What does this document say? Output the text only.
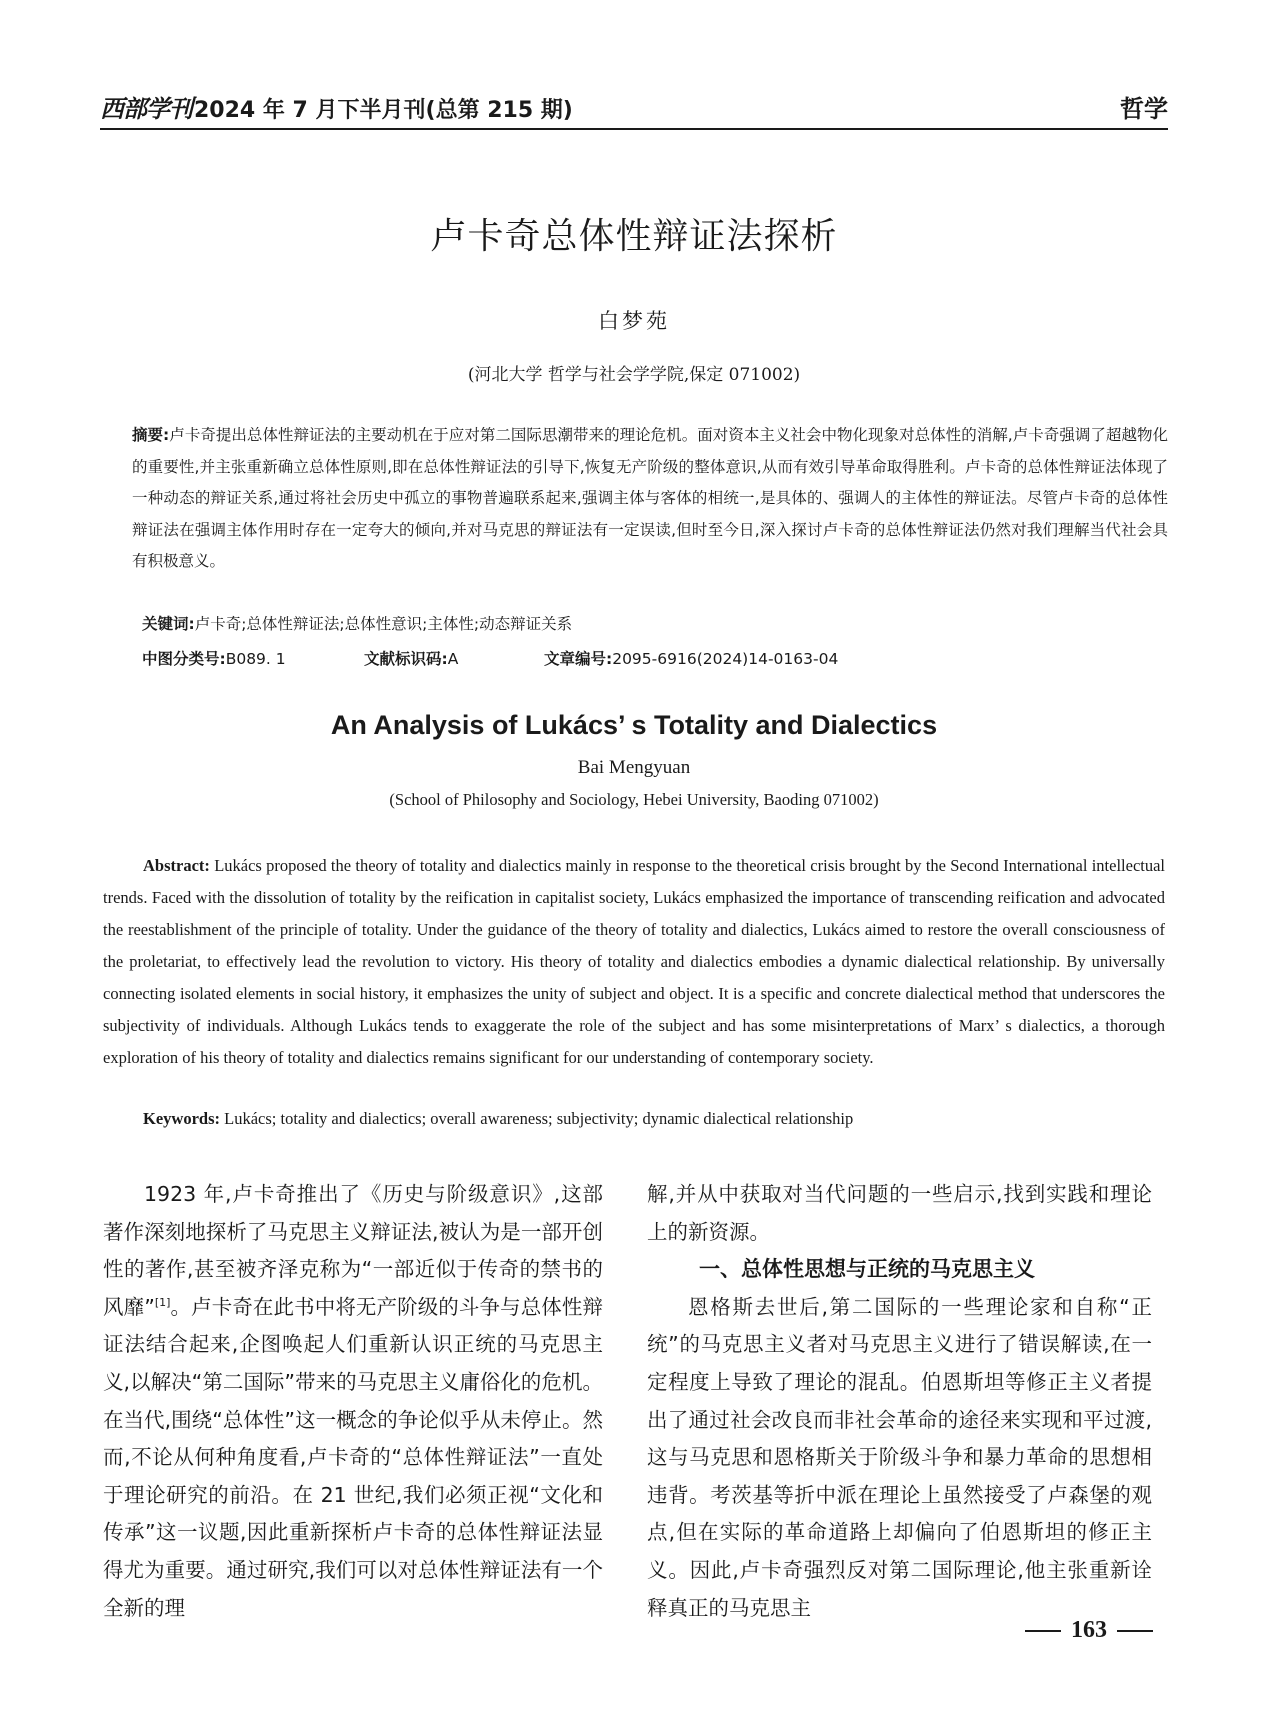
西部学刊2024 年 7 月下半月刊(总第 215 期)	哲学
卢卡奇总体性辩证法探析
白梦苑
(河北大学 哲学与社会学学院,保定 071002)

摘要:卢卡奇提出总体性辩证法的主要动机在于应对第二国际思潮带来的理论危机。面对资本主义社会中物化现象对总体性的消解,卢卡奇强调了超越物化的重要性,并主张重新确立总体性原则,即在总体性辩证法的引导下,恢复无产阶级的整体意识,从而有效引导革命取得胜利。卢卡奇的总体性辩证法体现了一种动态的辩证关系,通过将社会历史中孤立的事物普遍联系起来,强调主体与客体的相统一,是具体的、强调人的主体性的辩证法。尽管卢卡奇的总体性辩证法在强调主体作用时存在一定夸大的倾向,并对马克思的辩证法有一定误读,但时至今日,深入探讨卢卡奇的总体性辩证法仍然对我们理解当代社会具有积极意义。

关键词:卢卡奇;总体性辩证法;总体性意识;主体性;动态辩证关系
中图分类号:B089. 1	文献标识码:A	文章编号:2095-6916(2024)14-0163-04
An Analysis of Lukács’ s Totality and Dialectics
Bai Mengyuan
(School of Philosophy and Sociology, Hebei University, Baoding 071002)

Abstract: Lukács proposed the theory of totality and dialectics mainly in response to the theoretical crisis brought by the Second International intellectual trends. Faced with the dissolution of totality by the reification in capitalist society, Lukács emphasized the importance of transcending reification and advocated the reestablishment of the principle of totality. Under the guidance of the theory of totality and dialectics, Lukács aimed to restore the overall consciousness of the proletariat, to effectively lead the revolution to victory. His theory of totality and dialectics embodies a dynamic dialectical relationship. By universally connecting isolated elements in social history, it emphasizes the unity of subject and object. It is a specific and concrete dialectical method that underscores the subjectivity of individuals. Although Lukács tends to exaggerate the role of the subject and has some misinterpretations of Marx’ s dialectics, a thorough exploration of his theory of totality and dialectics remains significant for our understanding of contemporary society.

Keywords: Lukács; totality and dialectics; overall awareness; subjectivity; dynamic dialectical relationship

1923 年,卢卡奇推出了《历史与阶级意识》,这部著作深刻地探析了马克思主义辩证法,被认为是一部开创性的著作,甚至被齐泽克称为“一部近似于传奇的禁书的风靡”[1]。卢卡奇在此书中将无产阶级的斗争与总体性辩证法结合起来,企图唤起人们重新认识正统的马克思主义,以解决“第二国际”带来的马克思主义庸俗化的危机。在当代,围绕“总体性”这一概念的争论似乎从未停止。然而,不论从何种角度看,卢卡奇的“总体性辩证法”一直处于理论研究的前沿。在 21 世纪,我们必须正视“文化和传承”这一议题,因此重新探析卢卡奇的总体性辩证法显得尤为重要。通过研究,我们可以对总体性辩证法有一个全新的理

解,并从中获取对当代问题的一些启示,找到实践和理论上的新资源。

一、总体性思想与正统的马克思主义

恩格斯去世后,第二国际的一些理论家和自称“正统”的马克思主义者对马克思主义进行了错误解读,在一定程度上导致了理论的混乱。伯恩斯坦等修正主义者提出了通过社会改良而非社会革命的途径来实现和平过渡,这与马克思和恩格斯关于阶级斗争和暴力革命的思想相违背。考茨基等折中派在理论上虽然接受了卢森堡的观点,但在实际的革命道路上却偏向了伯恩斯坦的修正主义。因此,卢卡奇强烈反对第二国际理论,他主张重新诠释真正的马克思主

163
